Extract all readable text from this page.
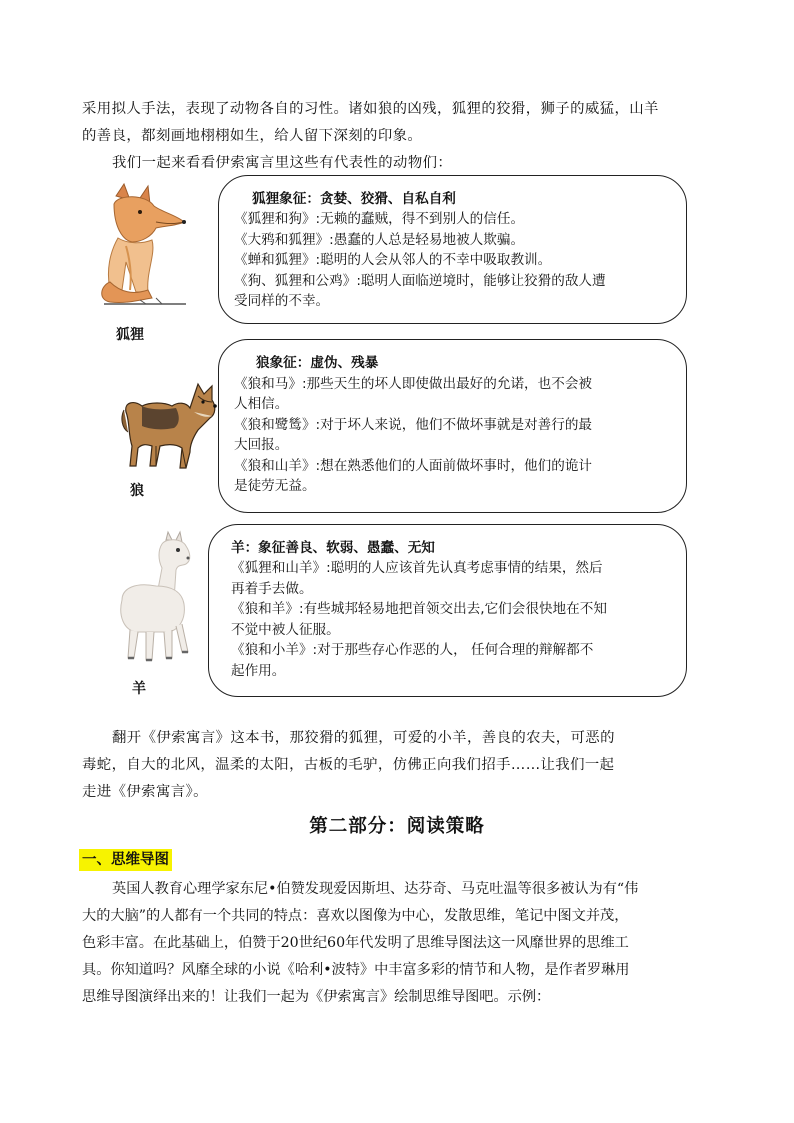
采用拟人手法，表现了动物各自的习性。诸如狼的凶残，狐狸的狡猾，狮子的威猛，山羊
的善良，都刻画地栩栩如生，给人留下深刻的印象。
我们一起来看看伊索寓言里这些有代表性的动物们：
狐狸
狐狸象征：贪婪、狡猾、自私自利
《狐狸和狗》:无赖的蠢贼，得不到别人的信任。
《大鸦和狐狸》:愚蠢的人总是轻易地被人欺骗。
《蝉和狐狸》:聪明的人会从邻人的不幸中吸取教训。
《狗、狐狸和公鸡》:聪明人面临逆境时，能够让狡猾的敌人遭
受同样的不幸。
狼
狼象征：虚伪、残暴
《狼和马》:那些天生的坏人即使做出最好的允诺，也不会被
人相信。
《狼和鹭鸶》:对于坏人来说，他们不做坏事就是对善行的最
大回报。
《狼和山羊》:想在熟悉他们的人面前做坏事时，他们的诡计
是徒劳无益。
羊
羊：象征善良、软弱、愚蠢、无知
《狐狸和山羊》:聪明的人应该首先认真考虑事情的结果，然后
再着手去做。
《狼和羊》:有些城邦轻易地把首领交出去,它们会很快地在不知
不觉中被人征服。
《狼和小羊》:对于那些存心作恶的人， 任何合理的辩解都不
起作用。
翻开《伊索寓言》这本书，那狡猾的狐狸，可爱的小羊，善良的农夫，可恶的
毒蛇，自大的北风，温柔的太阳，古板的毛驴，仿佛正向我们招手……让我们一起
走进《伊索寓言》。
第二部分：阅读策略
一、思维导图
英国人教育心理学家东尼•伯赞发现爱因斯坦、达芬奇、马克吐温等很多被认为有“伟
大的大脑”的人都有一个共同的特点：喜欢以图像为中心，发散思维，笔记中图文并茂，
色彩丰富。在此基础上，伯赞于20世纪60年代发明了思维导图法这一风靡世界的思维工
具。你知道吗？风靡全球的小说《哈利•波特》中丰富多彩的情节和人物，是作者罗琳用
思维导图演绎出来的！让我们一起为《伊索寓言》绘制思维导图吧。示例：
